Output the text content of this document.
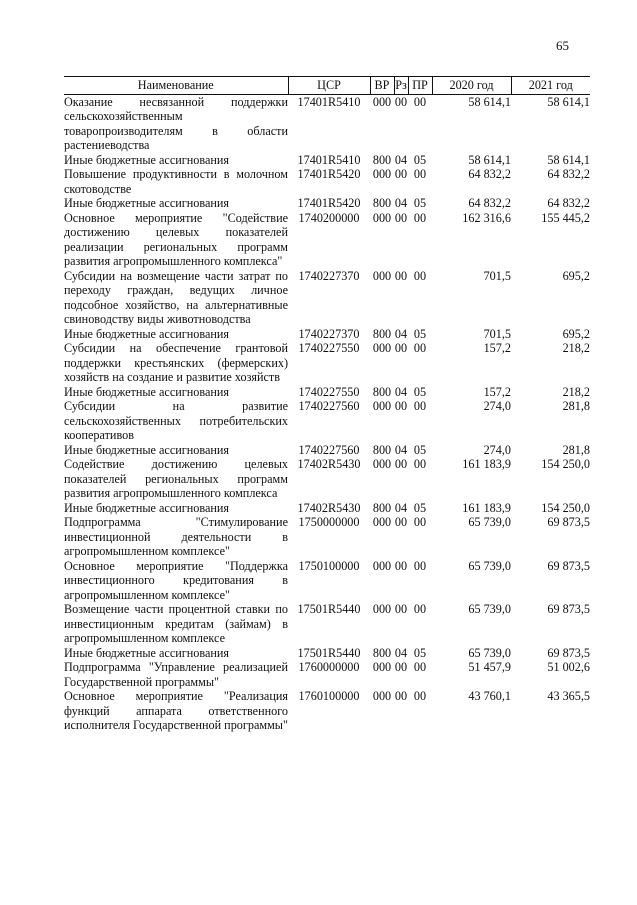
65
Наименование	ЦСР	ВР	Рз	ПР	2020 год	2021 год
Оказание несвязанной поддержки сельскохозяйственным товаропроизводителям в области растениеводства	17401R5410	000	00	00	58 614,1	58 614,1
Иные бюджетные ассигнования	17401R5410	800	04	05	58 614,1	58 614,1
Повышение продуктивности в молочном скотоводстве	17401R5420	000	00	00	64 832,2	64 832,2
Иные бюджетные ассигнования	17401R5420	800	04	05	64 832,2	64 832,2
Основное мероприятие "Содействие достижению целевых показателей реализации региональных программ развития агропромышленного комплекса"	1740200000	000	00	00	162 316,6	155 445,2
Субсидии на возмещение части затрат по переходу граждан, ведущих личное подсобное хозяйство, на альтернативные свиноводству виды животноводства	1740227370	000	00	00	701,5	695,2
Иные бюджетные ассигнования	1740227370	800	04	05	701,5	695,2
Субсидии на обеспечение грантовой поддержки крестьянских (фермерских) хозяйств на создание и развитие хозяйств	1740227550	000	00	00	157,2	218,2
Иные бюджетные ассигнования	1740227550	800	04	05	157,2	218,2
Субсидии на развитие сельскохозяйственных потребительских кооперативов	1740227560	000	00	00	274,0	281,8
Иные бюджетные ассигнования	1740227560	800	04	05	274,0	281,8
Содействие достижению целевых показателей региональных программ развития агропромышленного комплекса	17402R5430	000	00	00	161 183,9	154 250,0
Иные бюджетные ассигнования	17402R5430	800	04	05	161 183,9	154 250,0
Подпрограмма "Стимулирование инвестиционной деятельности в агропромышленном комплексе"	1750000000	000	00	00	65 739,0	69 873,5
Основное мероприятие "Поддержка инвестиционного кредитования в агропромышленном комплексе"	1750100000	000	00	00	65 739,0	69 873,5
Возмещение части процентной ставки по инвестиционным кредитам (займам) в агропромышленном комплексе	17501R5440	000	00	00	65 739,0	69 873,5
Иные бюджетные ассигнования	17501R5440	800	04	05	65 739,0	69 873,5
Подпрограмма "Управление реализацией Государственной программы"	1760000000	000	00	00	51 457,9	51 002,6
Основное мероприятие "Реализация функций аппарата ответственного исполнителя Государственной программы"	1760100000	000	00	00	43 760,1	43 365,5
